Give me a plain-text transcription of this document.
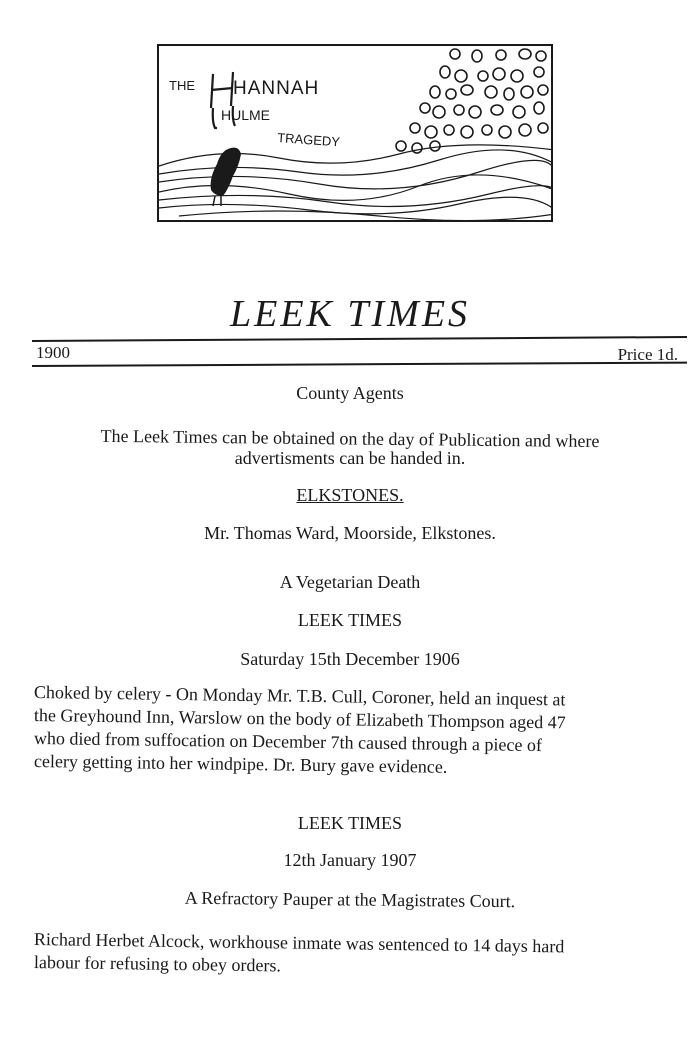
THE HANNAH
HULME
TRAGEDY
LEEK TIMES
1900	Price 1d.
County Agents
The Leek Times can be obtained on the day of Publication and where
advertisments can be handed in.
ELKSTONES.
Mr. Thomas Ward, Moorside, Elkstones.
A Vegetarian Death
LEEK TIMES
Saturday 15th December 1906
Choked by celery - On Monday Mr. T.B. Cull, Coroner, held an inquest at
the Greyhound Inn, Warslow on the body of Elizabeth Thompson aged 47
who died from suffocation on December 7th caused through a piece of
celery getting into her windpipe. Dr. Bury gave evidence.
LEEK TIMES
12th January 1907
A Refractory Pauper at the Magistrates Court.
Richard Herbet Alcock, workhouse inmate was sentenced to 14 days hard
labour for refusing to obey orders.
